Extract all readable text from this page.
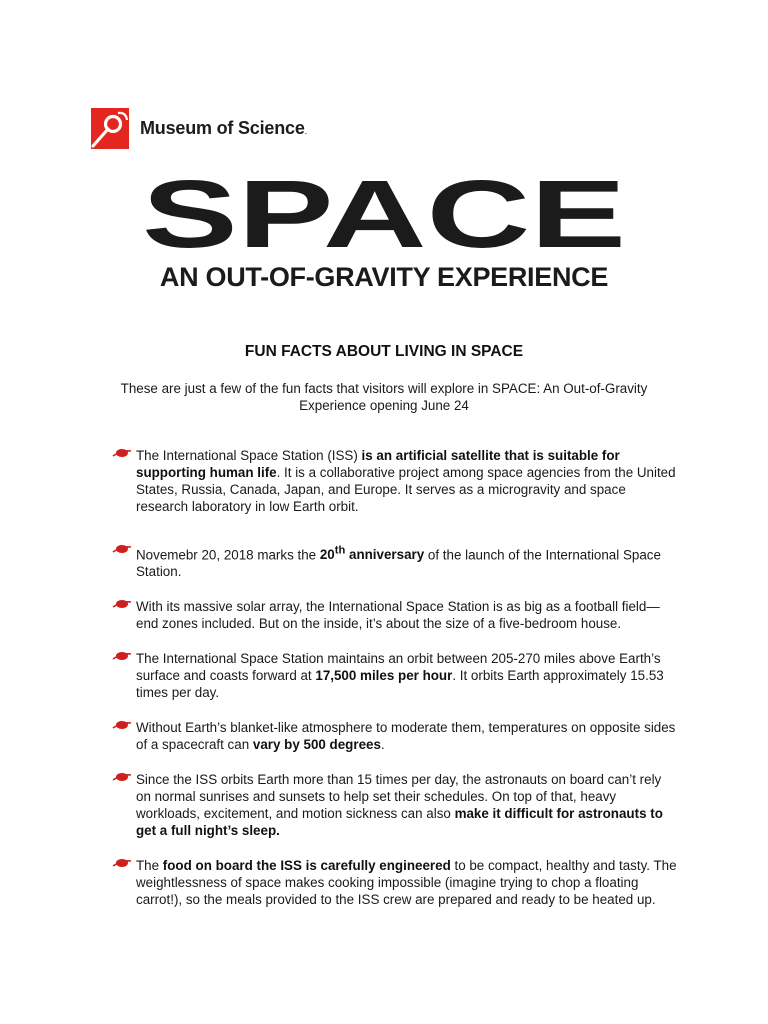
Museum of Science.
SPACE
AN OUT-OF-GRAVITY EXPERIENCE
FUN FACTS ABOUT LIVING IN SPACE
These are just a few of the fun facts that visitors will explore in SPACE: An Out-of-Gravity Experience opening June 24
The International Space Station (ISS) is an artificial satellite that is suitable for supporting human life. It is a collaborative project among space agencies from the United States, Russia, Canada, Japan, and Europe. It serves as a microgravity and space research laboratory in low Earth orbit.
Novemebr 20, 2018 marks the 20th anniversary of the launch of the International Space Station.
With its massive solar array, the International Space Station is as big as a football field—end zones included. But on the inside, it’s about the size of a five-bedroom house.
The International Space Station maintains an orbit between 205-270 miles above Earth’s surface and coasts forward at 17,500 miles per hour. It orbits Earth approximately 15.53 times per day.
Without Earth’s blanket-like atmosphere to moderate them, temperatures on opposite sides of a spacecraft can vary by 500 degrees.
Since the ISS orbits Earth more than 15 times per day, the astronauts on board can’t rely on normal sunrises and sunsets to help set their schedules. On top of that, heavy workloads, excitement, and motion sickness can also make it difficult for astronauts to get a full night’s sleep.
The food on board the ISS is carefully engineered to be compact, healthy and tasty. The weightlessness of space makes cooking impossible (imagine trying to chop a floating carrot!), so the meals provided to the ISS crew are prepared and ready to be heated up.
